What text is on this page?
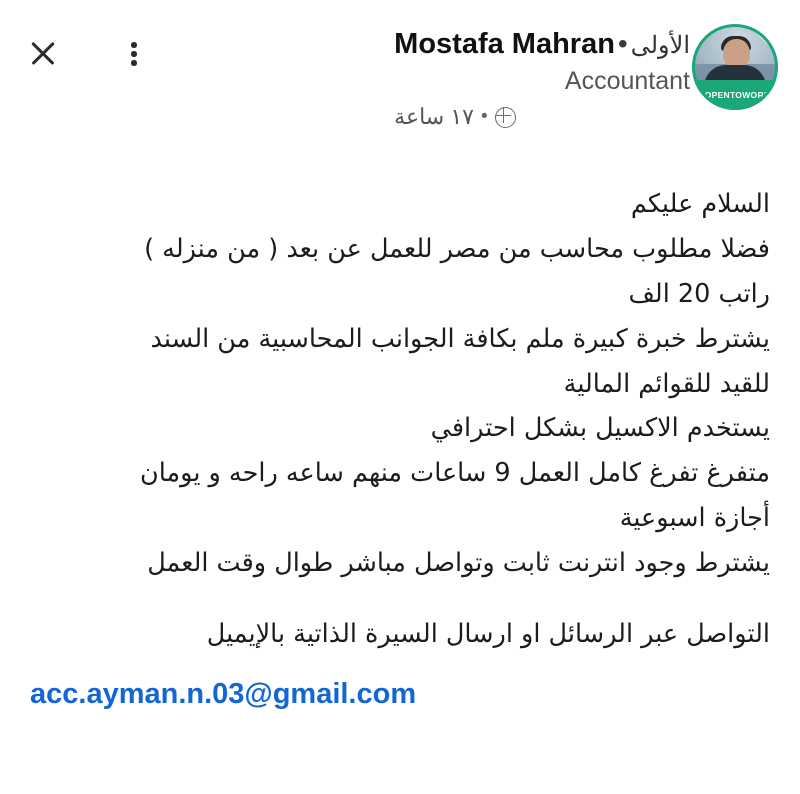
الأولى•Mostafa Mahran
Accountant
١٧ ساعة •
#OPENTOWORK

السلام عليكم

فضلا مطلوب محاسب من مصر للعمل عن بعد ( من منزله )

راتب 20 الف

يشترط خبرة كبيرة ملم بكافة الجوانب المحاسبية من السند

للقيد للقوائم المالية

يستخدم الاكسيل بشكل احترافي

متفرغ تفرغ كامل العمل 9 ساعات منهم ساعه راحه و يومان

أجازة اسبوعية

يشترط وجود انترنت ثابت وتواصل مباشر طوال وقت العمل

التواصل عبر الرسائل او ارسال السيرة الذاتية بالإيميل

acc.ayman.n.03@gmail.com
